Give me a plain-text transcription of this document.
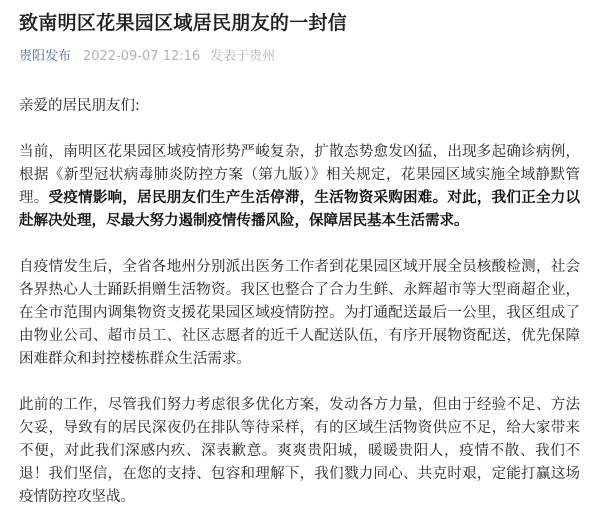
致南明区花果园区域居民朋友的一封信
贵阳发布 2022-09-07 12:16 发表于贵州
亲爱的居民朋友们:
当前，南明区花果园区域疫情形势严峻复杂，扩散态势愈发凶猛，出现多起确诊病例，根据《新型冠状病毒肺炎防控方案（第九版）》相关规定，花果园区域实施全域静默管理。受疫情影响，居民朋友们生产生活停滞，生活物资采购困难。对此，我们正全力以赴解决处理，尽最大努力遏制疫情传播风险，保障居民基本生活需求。
自疫情发生后，全省各地州分别派出医务工作者到花果园区域开展全员核酸检测，社会各界热心人士踊跃捐赠生活物资。我区也整合了合力生鲜、永辉超市等大型商超企业，在全市范围内调集物资支援花果园区域疫情防控。为打通配送最后一公里，我区组成了由物业公司、超市员工、社区志愿者的近千人配送队伍，有序开展物资配送，优先保障困难群众和封控楼栋群众生活需求。
此前的工作，尽管我们努力考虑很多优化方案，发动各方力量，但由于经验不足、方法欠妥，导致有的居民深夜仍在排队等待采样，有的区域生活物资供应不足，给大家带来不便，对此我们深感内疚、深表歉意。爽爽贵阳城，暖暖贵阳人，疫情不散、我们不退！我们坚信，在您的支持、包容和理解下，我们戮力同心、共克时艰，定能打赢这场疫情防控攻坚战。
